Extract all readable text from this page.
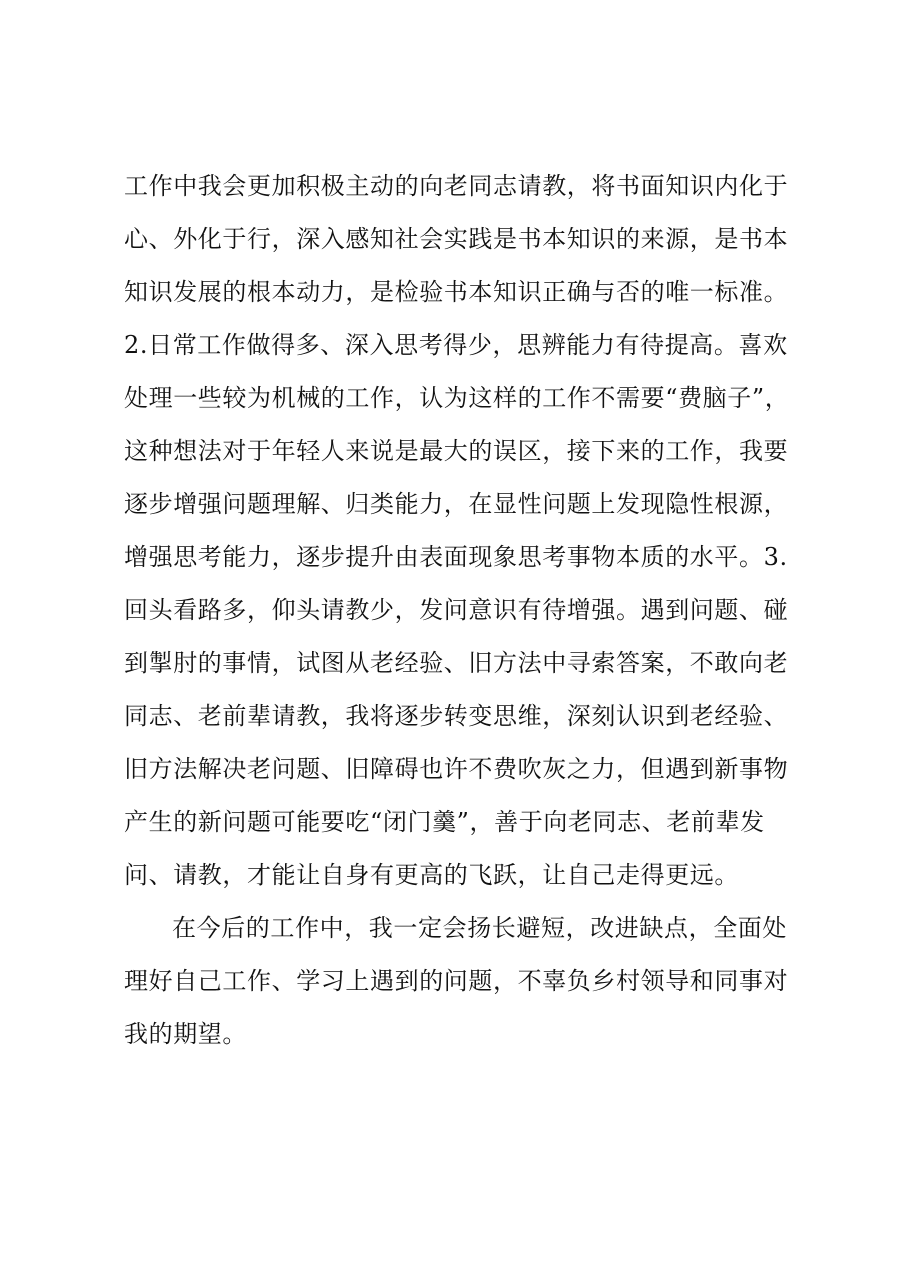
工作中我会更加积极主动的向老同志请教，将书面知识内化于
心、外化于行，深入感知社会实践是书本知识的来源，是书本
知识发展的根本动力，是检验书本知识正确与否的唯一标准。
2.日常工作做得多、深入思考得少，思辨能力有待提高。喜欢
处理一些较为机械的工作，认为这样的工作不需要“费脑子”，
这种想法对于年轻人来说是最大的误区，接下来的工作，我要
逐步增强问题理解、归类能力，在显性问题上发现隐性根源，
增强思考能力，逐步提升由表面现象思考事物本质的水平。3.
回头看路多，仰头请教少，发问意识有待增强。遇到问题、碰
到掣肘的事情，试图从老经验、旧方法中寻索答案，不敢向老
同志、老前辈请教，我将逐步转变思维，深刻认识到老经验、
旧方法解决老问题、旧障碍也许不费吹灰之力，但遇到新事物
产生的新问题可能要吃“闭门羹”，善于向老同志、老前辈发
问、请教，才能让自身有更高的飞跃，让自己走得更远。
在今后的工作中，我一定会扬长避短，改进缺点，全面处
理好自己工作、学习上遇到的问题，不辜负乡村领导和同事对
我的期望。
